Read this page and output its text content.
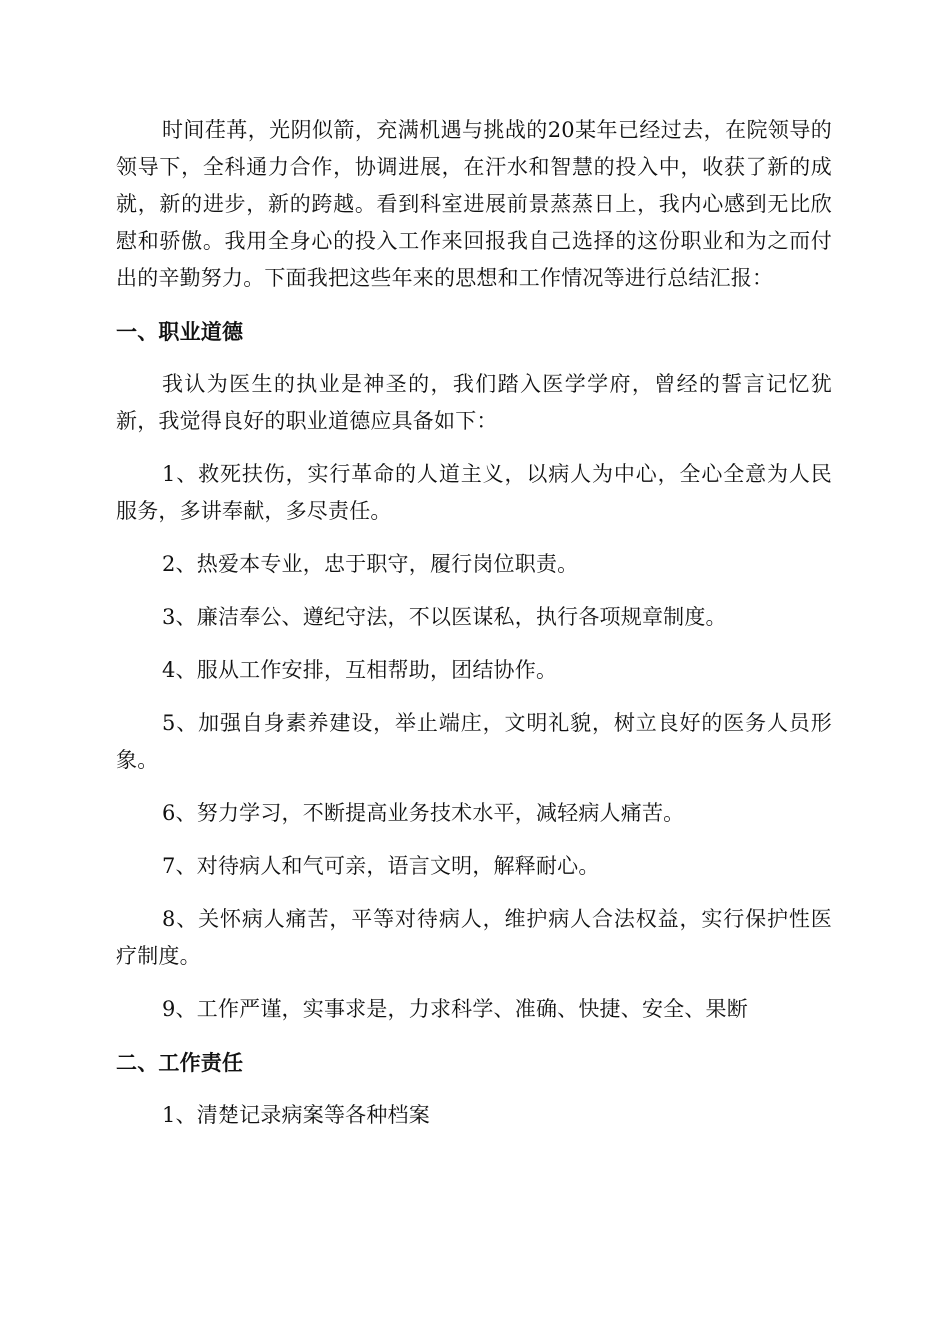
时间荏苒，光阴似箭，充满机遇与挑战的20某年已经过去，在院领导的领导下，全科通力合作，协调进展，在汗水和智慧的投入中，收获了新的成就，新的进步，新的跨越。看到科室进展前景蒸蒸日上，我内心感到无比欣慰和骄傲。我用全身心的投入工作来回报我自己选择的这份职业和为之而付出的辛勤努力。下面我把这些年来的思想和工作情况等进行总结汇报：

一、职业道德

我认为医生的执业是神圣的，我们踏入医学学府，曾经的誓言记忆犹新，我觉得良好的职业道德应具备如下：

1、救死扶伤，实行革命的人道主义，以病人为中心，全心全意为人民服务，多讲奉献，多尽责任。

2、热爱本专业，忠于职守，履行岗位职责。

3、廉洁奉公、遵纪守法，不以医谋私，执行各项规章制度。

4、服从工作安排，互相帮助，团结协作。

5、加强自身素养建设，举止端庄，文明礼貌，树立良好的医务人员形象。

6、努力学习，不断提高业务技术水平，减轻病人痛苦。

7、对待病人和气可亲，语言文明，解释耐心。

8、关怀病人痛苦，平等对待病人，维护病人合法权益，实行保护性医疗制度。

9、工作严谨，实事求是，力求科学、准确、快捷、安全、果断

二、工作责任

1、清楚记录病案等各种档案
